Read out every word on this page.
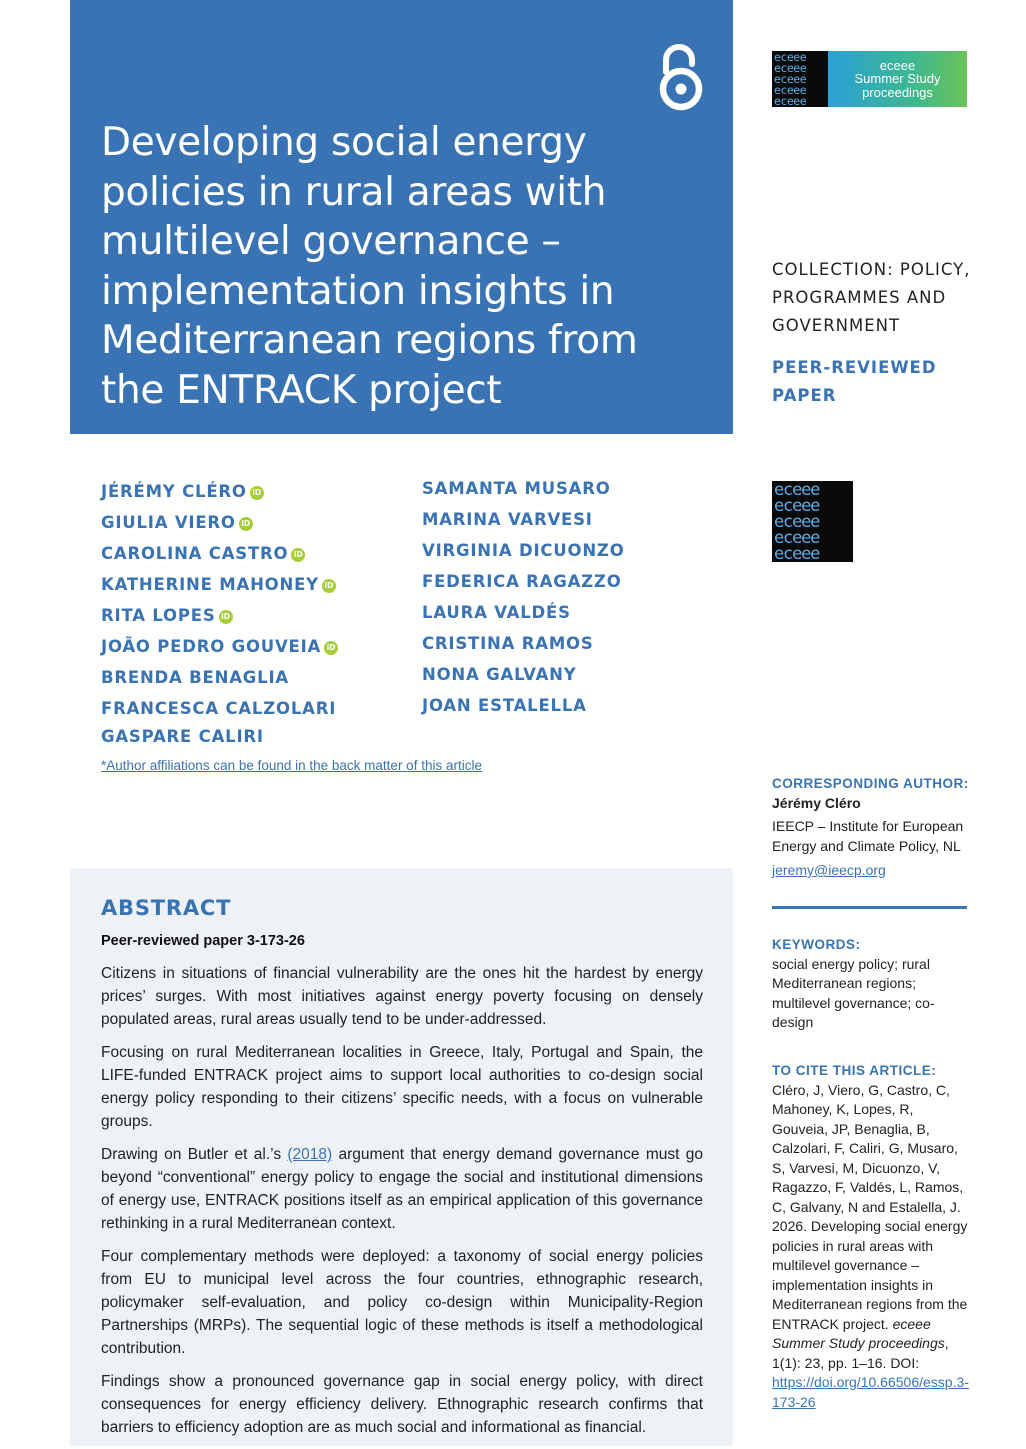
Developing social energy policies in rural areas with multilevel governance – implementation insights in Mediterranean regions from the ENTRACK project
eceee
eceee
eceee
eceee
eceee
eceee
Summer Study
proceedings
COLLECTION: POLICY, PROGRAMMES AND GOVERNMENT
PEER-REVIEWED PAPER
eceee
eceee
eceee
eceee
eceee
JÉRÉMY CLÉRO iD
GIULIA VIERO iD
CAROLINA CASTRO iD
KATHERINE MAHONEY iD
RITA LOPES iD
JOÃO PEDRO GOUVEIA iD
BRENDA BENAGLIA
FRANCESCA CALZOLARI
GASPARE CALIRI
SAMANTA MUSARO
MARINA VARVESI
VIRGINIA DICUONZO
FEDERICA RAGAZZO
LAURA VALDÉS
CRISTINA RAMOS
NONA GALVANY
JOAN ESTALELLA
*Author affiliations can be found in the back matter of this article
CORRESPONDING AUTHOR:
Jérémy Cléro
IEECP – Institute for European Energy and Climate Policy, NL
jeremy@ieecp.org
KEYWORDS:
social energy policy; rural Mediterranean regions; multilevel governance; co-design
TO CITE THIS ARTICLE:
Cléro, J, Viero, G, Castro, C, Mahoney, K, Lopes, R, Gouveia, JP, Benaglia, B, Calzolari, F, Caliri, G, Musaro, S, Varvesi, M, Dicuonzo, V, Ragazzo, F, Valdés, L, Ramos, C, Galvany, N and Estalella, J. 2026. Developing social energy policies in rural areas with multilevel governance – implementation insights in Mediterranean regions from the ENTRACK project. eceee Summer Study proceedings, 1(1): 23, pp. 1–16. DOI: https://doi.org/10.66506/essp.3-173-26
ABSTRACT
Peer-reviewed paper 3-173-26

Citizens in situations of financial vulnerability are the ones hit the hardest by energy prices’ surges. With most initiatives against energy poverty focusing on densely populated areas, rural areas usually tend to be under-addressed.

Focusing on rural Mediterranean localities in Greece, Italy, Portugal and Spain, the LIFE-funded ENTRACK project aims to support local authorities to co-design social energy policy responding to their citizens’ specific needs, with a focus on vulnerable groups.

Drawing on Butler et al.’s (2018) argument that energy demand governance must go beyond “conventional” energy policy to engage the social and institutional dimensions of energy use, ENTRACK positions itself as an empirical application of this governance rethinking in a rural Mediterranean context.

Four complementary methods were deployed: a taxonomy of social energy policies from EU to municipal level across the four countries, ethnographic research, policymaker self-evaluation, and policy co-design within Municipality-Region Partnerships (MRPs). The sequential logic of these methods is itself a methodological contribution.

Findings show a pronounced governance gap in social energy policy, with direct consequences for energy efficiency delivery. Ethnographic research confirms that barriers to efficiency adoption are as much social and informational as financial.
